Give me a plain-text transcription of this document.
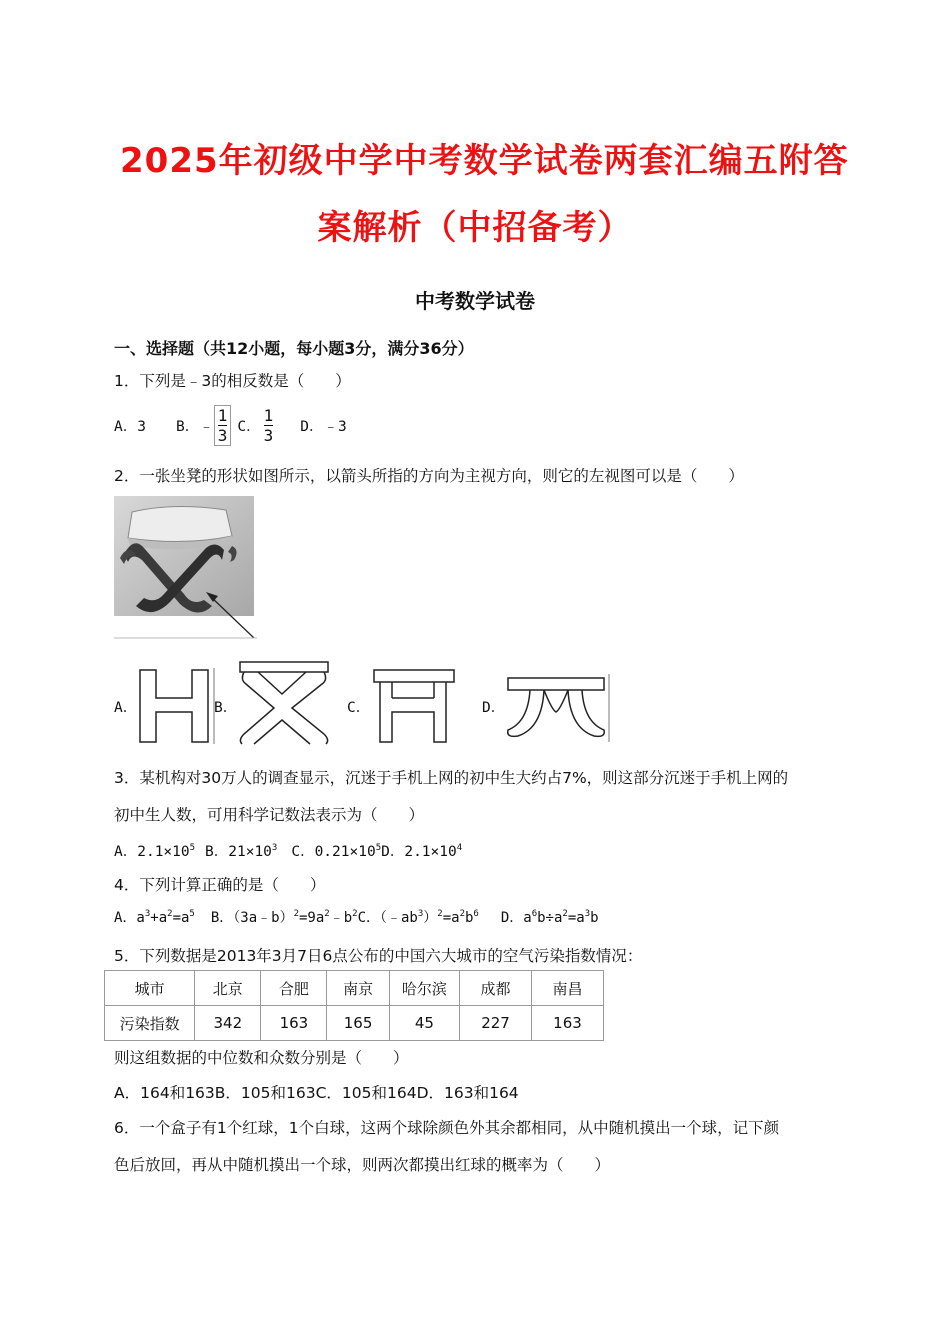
2025年初级中学中考数学试卷两套汇编五附答
案解析（中招备考）
中考数学试卷
一、选择题（共12小题，每小题3分，满分36分）
1．下列是﹣3的相反数是（　　）
A．3 B．﹣ $\frac{1}{3}$ C． $\frac{1}{3}$ D．﹣3
2．一张坐凳的形状如图所示，以箭头所指的方向为主视方向，则它的左视图可以是（　　）
A．	B．	C．	D．
3．某机构对30万人的调查显示，沉迷于手机上网的初中生大约占7%，则这部分沉迷于手机上网的
初中生人数，可用科学记数法表示为（　　）
A．$2.1\times 10^5$ B．$21\times 10^3$ C．$0.21\times 10^5D$．$2.1\times 10^4$
4．下列计算正确的是（　　）
A．$a^3+a^2=a^5$ B．$(3a﹣b)^2=9a^2﹣b^2C$．$(﹣ab^3)^2=a^2b^6$ D．$a^6b\div a^2=a^3b$
5．下列数据是2013年3月7日6点公布的中国六大城市的空气污染指数情况：
城市	北京	合肥	南京	哈尔滨	成都	南昌
污染指数	342	163	165	45	227	163
则这组数据的中位数和众数分别是（　　）
A．164和163B．105和163C．105和164D．163和164
6．一个盒子有1个红球，1个白球，这两个球除颜色外其余都相同，从中随机摸出一个球，记下颜
色后放回，再从中随机摸出一个球，则两次都摸出红球的概率为（　　）
